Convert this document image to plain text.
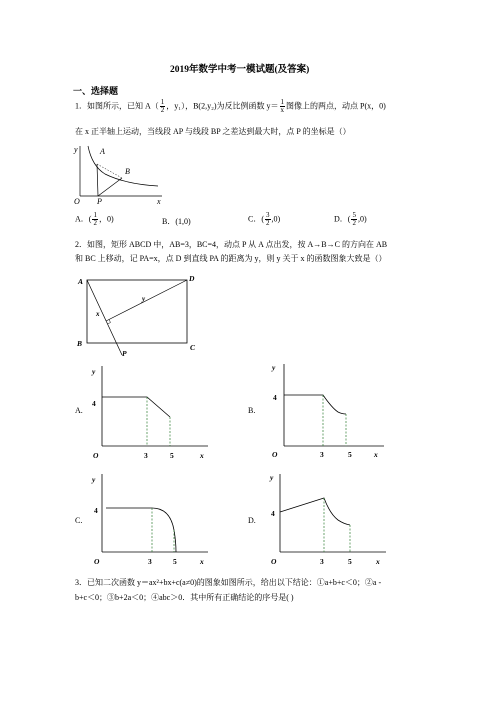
2019年数学中考一模试题(及答案)
一、选择题
1．如图所示，已知 $A( \frac{1}{2}$ ，y₁），B(2,y₂)为反比例函数 $y= \frac{1}{x}$ 图像上的两点，动点 P(x，0)
在 x 正半轴上运动，当线段 AP 与线段 BP 之差达到最大时，点 P 的坐标是（）
y	A
B
O P	x
A．( $\frac{1}{2}$ ，0)	B．(1,0)	C．( $\frac{3}{2} ,0$)	D．( $\frac{5}{2} ,0$)
2．如图，矩形 ABCD 中，AB=3，BC=4，动点 P 从 A 点出发，按 A→B→C 的方向在 AB
和 BC 上移动，记 PA=x，点 D 到直线 PA 的距离为 y，则 y 关于 x 的函数图象大致是（）
A	D
B	C
P
x
y
A.	B.
C.	D.
y
4
O	3	5	x
y
4
O	3	5	x
y
4
O	3	5	x
y
4
O	3	5	x
3．已知二次函数 y＝ax²+bx+c(a≠0)的图象如图所示，给出以下结论：①a+b+c＜0；②a -
b+c＜0；③b+2a＜0；④abc＞0．其中所有正确结论的序号是( )
